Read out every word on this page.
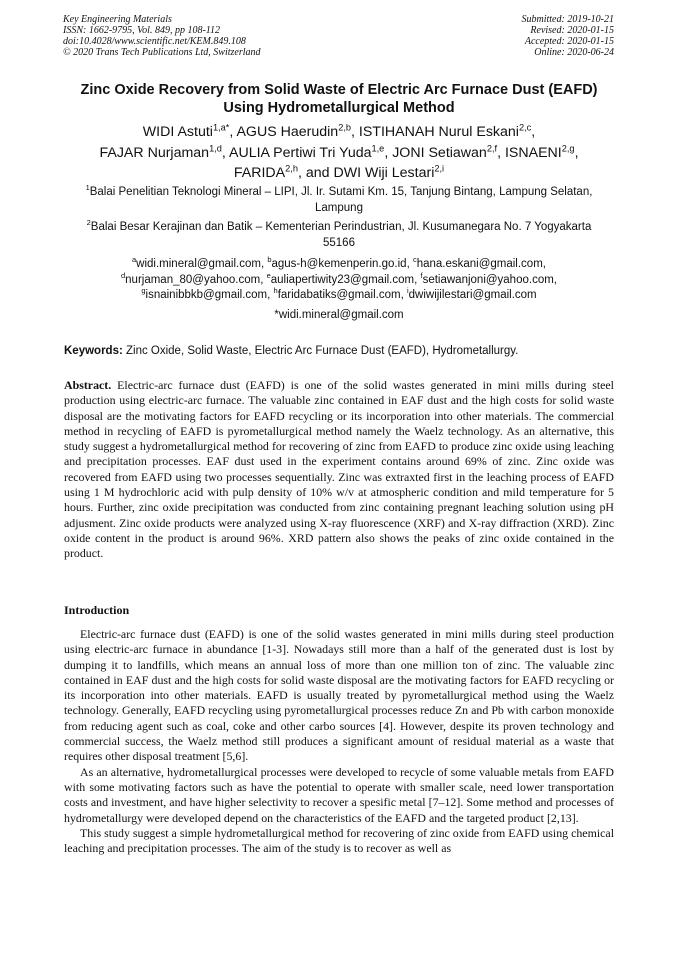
Key Engineering Materials
ISSN: 1662-9795, Vol. 849, pp 108-112
doi:10.4028/www.scientific.net/KEM.849.108
© 2020 Trans Tech Publications Ltd, Switzerland
Submitted: 2019-10-21
Revised: 2020-01-15
Accepted: 2020-01-15
Online: 2020-06-24
Zinc Oxide Recovery from Solid Waste of Electric Arc Furnace Dust (EAFD) Using Hydrometallurgical Method
WIDI Astuti$^{1,a*}$, AGUS Haerudin$^{2,b}$, ISTIHANAH Nurul Eskani$^{2,c}$,
FAJAR Nurjaman$^{1,d}$, AULIA Pertiwi Tri Yuda$^{1,e}$, JONI Setiawan$^{2,f}$, ISNAENI$^{2,g}$,
FARIDA$^{2,h}$, and DWI Wiji Lestari$^{2,i}$
$^1$Balai Penelitian Teknologi Mineral – LIPI, Jl. Ir. Sutami Km. 15, Tanjung Bintang, Lampung Selatan, Lampung
$^2$Balai Besar Kerajinan dan Batik – Kementerian Perindustrian, Jl. Kusumanegara No. 7 Yogyakarta 55166
$^a$widi.mineral@gmail.com, $^b$agus-h@kemenperin.go.id, $^c$hana.eskani@gmail.com,
$^d$nurjaman_80@yahoo.com, $^e$auliapertiwity23@gmail.com, $^f$setiawanjoni@yahoo.com,
$^g$isnainibbkb@gmail.com, $^h$faridabatiks@gmail.com, $^i$dwiwijilestari@gmail.com
*widi.mineral@gmail.com
Keywords: Zinc Oxide, Solid Waste, Electric Arc Furnace Dust (EAFD), Hydrometallurgy.
Abstract. Electric-arc furnace dust (EAFD) is one of the solid wastes generated in mini mills during steel production using electric-arc furnace. The valuable zinc contained in EAF dust and the high costs for solid waste disposal are the motivating factors for EAFD recycling or its incorporation into other materials. The commercial method in recycling of EAFD is pyrometallurgical method namely the Waelz technology. As an alternative, this study suggest a hydrometallurgical method for recovering of zinc from EAFD to produce zinc oxide using leaching and precipitation processes. EAF dust used in the experiment contains around 69% of zinc. Zinc oxide was recovered from EAFD using two processes sequentially. Zinc was extraxted first in the leaching process of EAFD using 1 M hydrochloric acid with pulp density of 10% w/v at atmospheric condition and mild temperature for 5 hours. Further, zinc oxide precipitation was conducted from zinc containing pregnant leaching solution using pH adjusment. Zinc oxide products were analyzed using X-ray fluorescence (XRF) and X-ray diffraction (XRD). Zinc oxide content in the product is around 96%. XRD pattern also shows the peaks of zinc oxide contained in the product.
Introduction

Electric-arc furnace dust (EAFD) is one of the solid wastes generated in mini mills during steel production using electric-arc furnace in abundance [1-3]. Nowadays still more than a half of the generated dust is lost by dumping it to landfills, which means an annual loss of more than one million ton of zinc. The valuable zinc contained in EAF dust and the high costs for solid waste disposal are the motivating factors for EAFD recycling or its incorporation into other materials. EAFD is usually treated by pyrometallurgical method using the Waelz technology. Generally, EAFD recycling using pyrometallurgical processes reduce Zn and Pb with carbon monoxide from reducing agent such as coal, coke and other carbo sources [4]. However, despite its proven technology and commercial success, the Waelz method still produces a significant amount of residual material as a waste that requires other disposal treatment [5,6].

As an alternative, hydrometallurgical processes were developed to recycle of some valuable metals from EAFD with some motivating factors such as have the potential to operate with smaller scale, need lower transportation costs and investment, and have higher selectivity to recover a spesific metal [7–12]. Some method and processes of hydrometallurgy were developed depend on the characteristics of the EAFD and the targeted product [2,13].

This study suggest a simple hydrometallurgical method for recovering of zinc oxide from EAFD using chemical leaching and precipitation processes. The aim of the study is to recover as well as
